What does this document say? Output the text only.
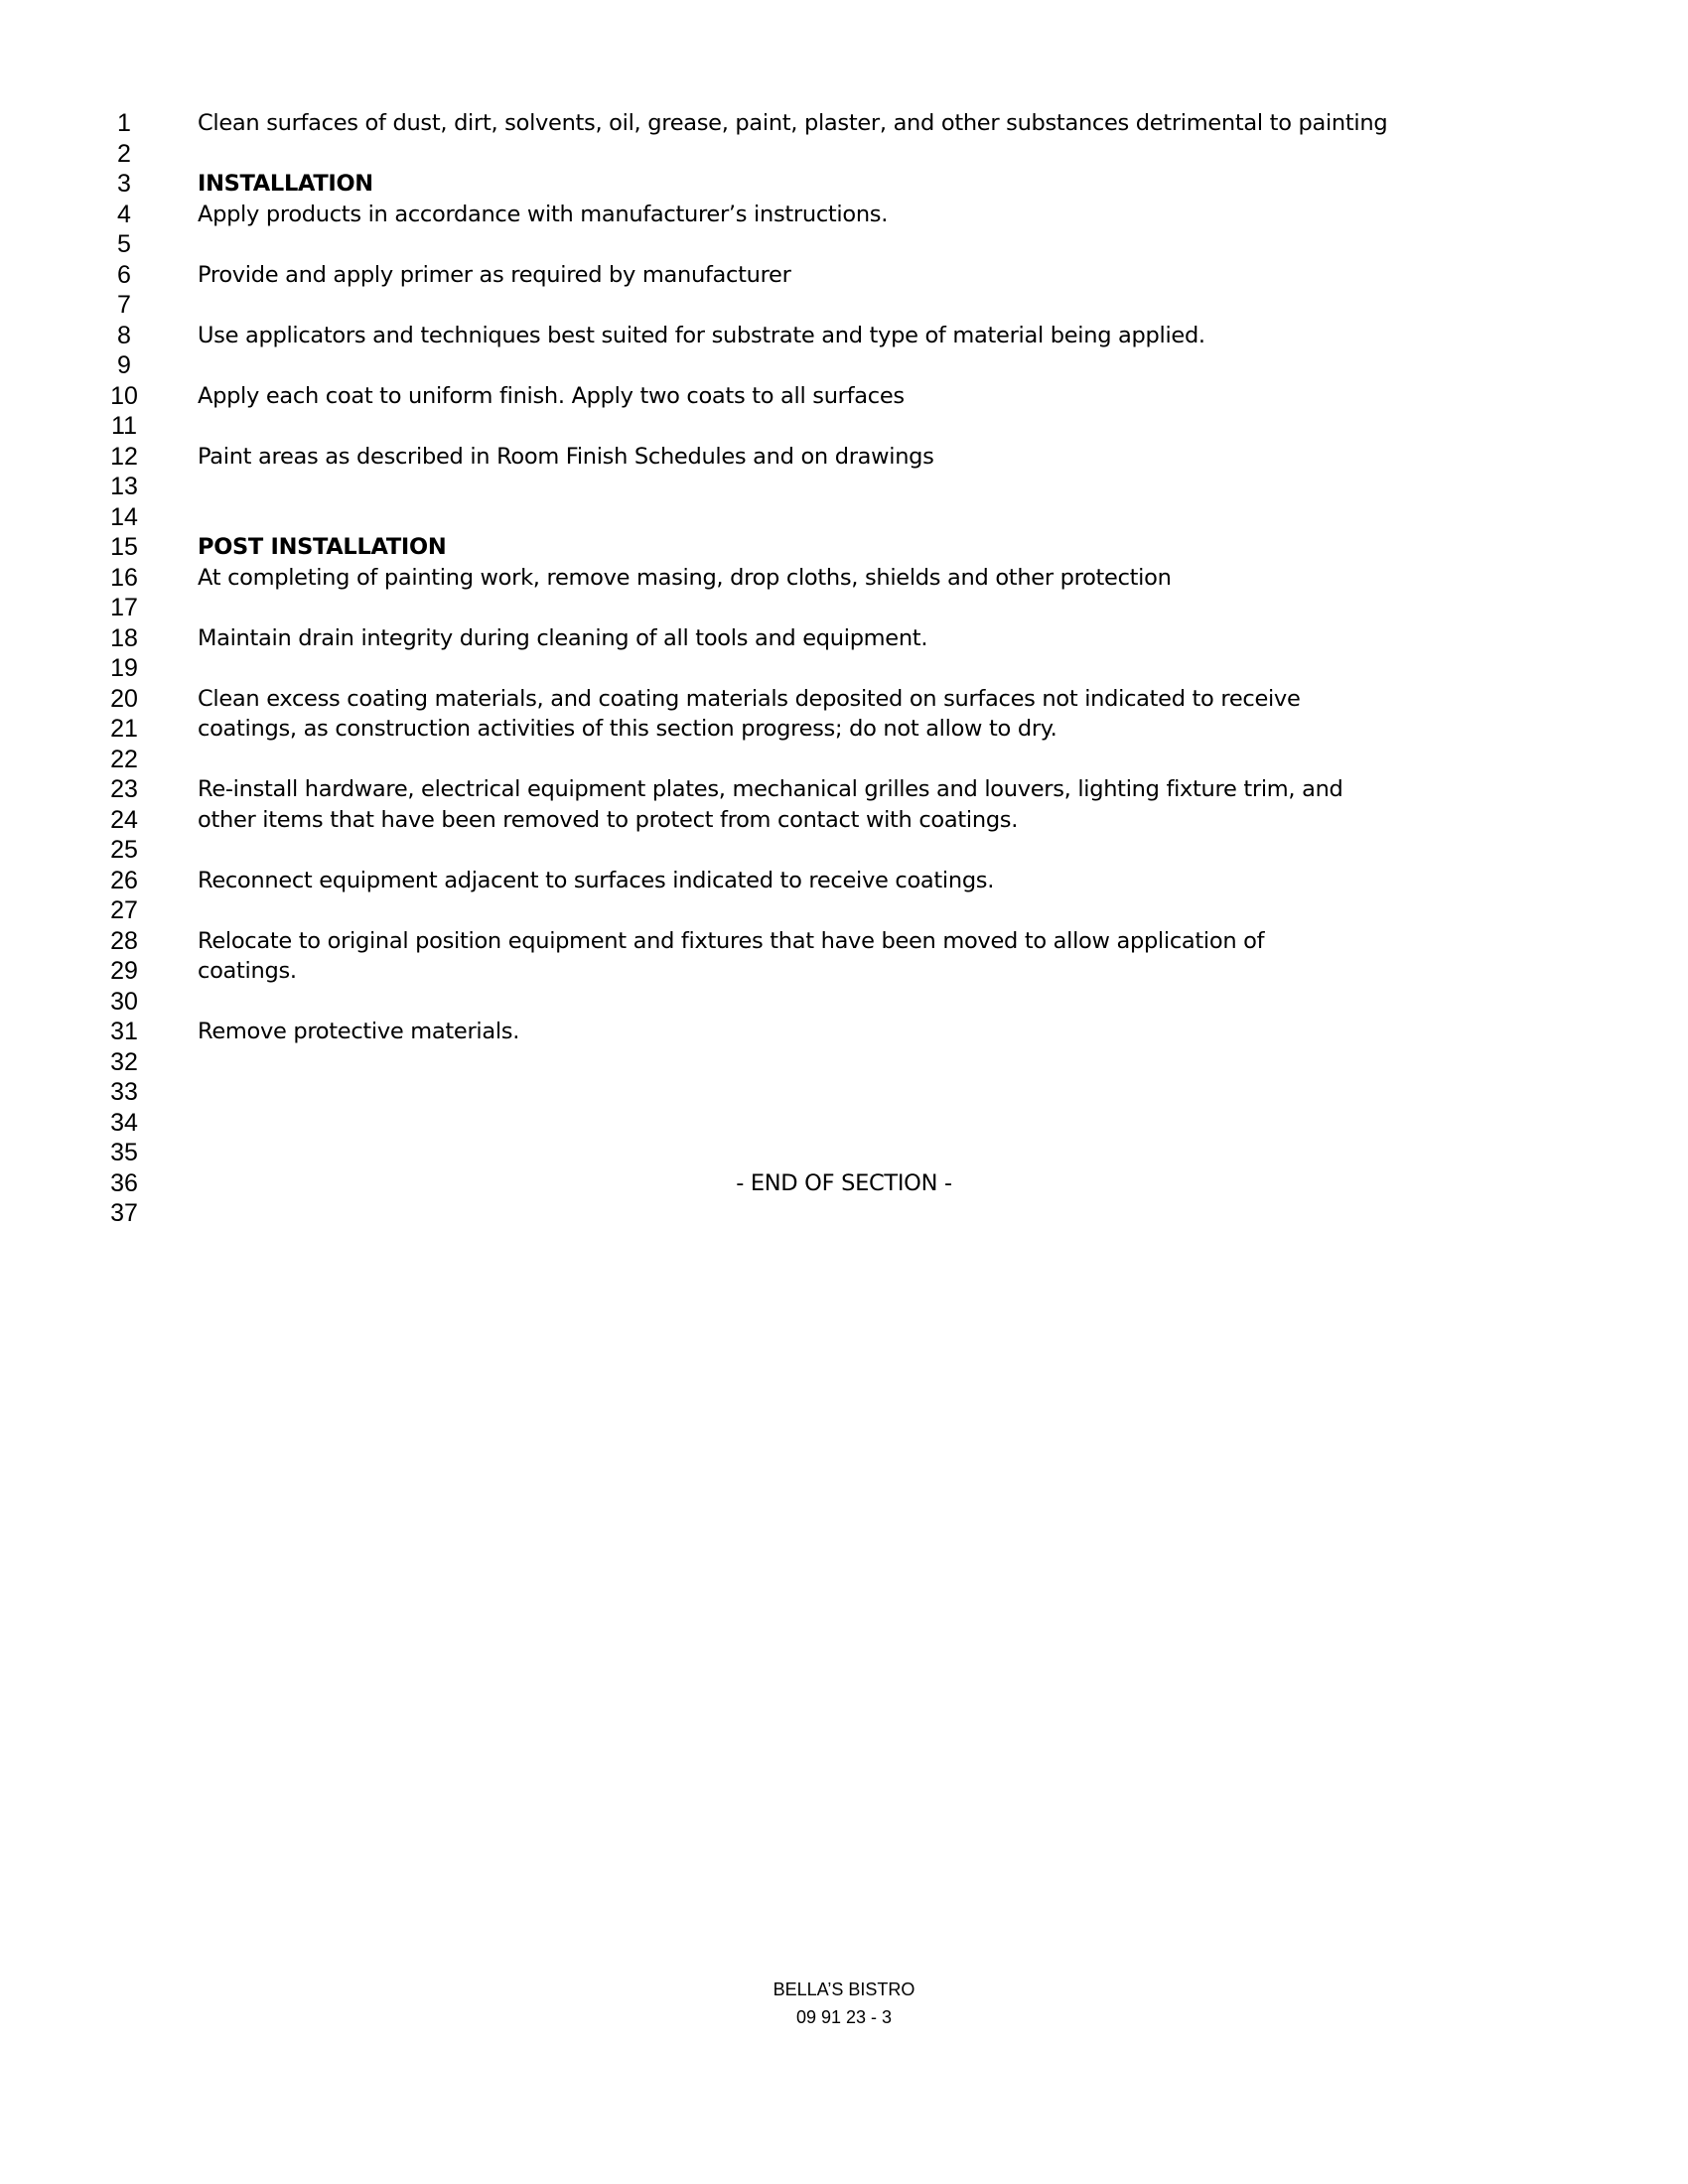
1	Clean surfaces of dust, dirt, solvents, oil, grease, paint, plaster, and other substances detrimental to painting
2
3	INSTALLATION
4	Apply products in accordance with manufacturer’s instructions.
5
6	Provide and apply primer as required by manufacturer
7
8	Use applicators and techniques best suited for substrate and type of material being applied.
9
10	Apply each coat to uniform finish. Apply two coats to all surfaces
11
12	Paint areas as described in Room Finish Schedules and on drawings
13
14
15	POST INSTALLATION
16	At completing of painting work, remove masing, drop cloths, shields and other protection
17
18	Maintain drain integrity during cleaning of all tools and equipment.
19
20	Clean excess coating materials, and coating materials deposited on surfaces not indicated to receive
21	coatings, as construction activities of this section progress; do not allow to dry.
22
23	Re-install hardware, electrical equipment plates, mechanical grilles and louvers, lighting fixture trim, and
24	other items that have been removed to protect from contact with coatings.
25
26	Reconnect equipment adjacent to surfaces indicated to receive coatings.
27
28	Relocate to original position equipment and fixtures that have been moved to allow application of
29	coatings.
30
31	Remove protective materials.
32
33
34
35
36	- END OF SECTION -
37
BELLA’S BISTRO
09 91 23 - 3
